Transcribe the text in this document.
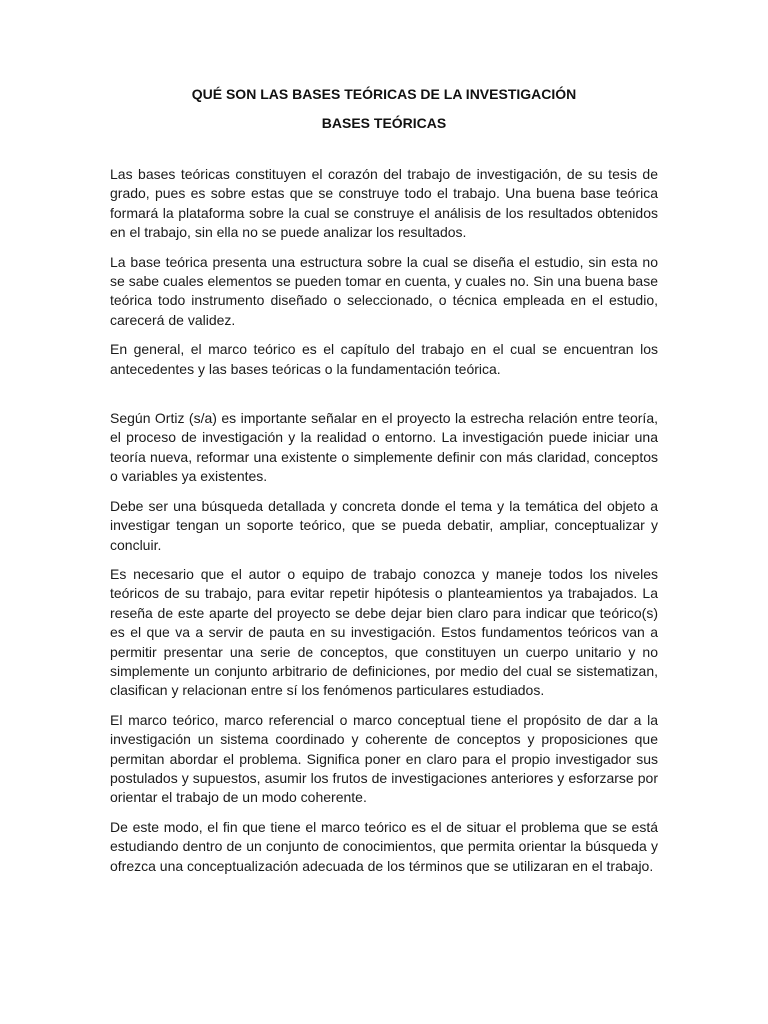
QUÉ SON LAS BASES TEÓRICAS DE LA INVESTIGACIÓN
BASES TEÓRICAS

Las bases teóricas constituyen el corazón del trabajo de investigación, de su tesis de grado, pues es sobre estas que se construye todo el trabajo. Una buena base teórica formará la plataforma sobre la cual se construye el análisis de los resultados obtenidos en el trabajo, sin ella no se puede analizar los resultados.

La base teórica presenta una estructura sobre la cual se diseña el estudio, sin esta no se sabe cuales elementos se pueden tomar en cuenta, y cuales no. Sin una buena base teórica todo instrumento diseñado o seleccionado, o técnica empleada en el estudio, carecerá de validez.

En general, el marco teórico es el capítulo del trabajo en el cual se encuentran los antecedentes y las bases teóricas o la fundamentación teórica.

Según Ortiz (s/a) es importante señalar en el proyecto la estrecha relación entre teoría, el proceso de investigación y la realidad o entorno. La investigación puede iniciar una teoría nueva, reformar una existente o simplemente definir con más claridad, conceptos o variables ya existentes.

Debe ser una búsqueda detallada y concreta donde el tema y la temática del objeto a investigar tengan un soporte teórico, que se pueda debatir, ampliar, conceptualizar y concluir.

Es necesario que el autor o equipo de trabajo conozca y maneje todos los niveles teóricos de su trabajo, para evitar repetir hipótesis o planteamientos ya trabajados. La reseña de este aparte del proyecto se debe dejar bien claro para indicar que teórico(s) es el que va a servir de pauta en su investigación. Estos fundamentos teóricos van a permitir presentar una serie de conceptos, que constituyen un cuerpo unitario y no simplemente un conjunto arbitrario de definiciones, por medio del cual se sistematizan, clasifican y relacionan entre sí los fenómenos particulares estudiados.

El marco teórico, marco referencial o marco conceptual tiene el propósito de dar a la investigación un sistema coordinado y coherente de conceptos y proposiciones que permitan abordar el problema. Significa poner en claro para el propio investigador sus postulados y supuestos, asumir los frutos de investigaciones anteriores y esforzarse por orientar el trabajo de un modo coherente.

De este modo, el fin que tiene el marco teórico es el de situar el problema que se está estudiando dentro de un conjunto de conocimientos, que permita orientar la búsqueda y ofrezca una conceptualización adecuada de los términos que se utilizaran en el trabajo.
